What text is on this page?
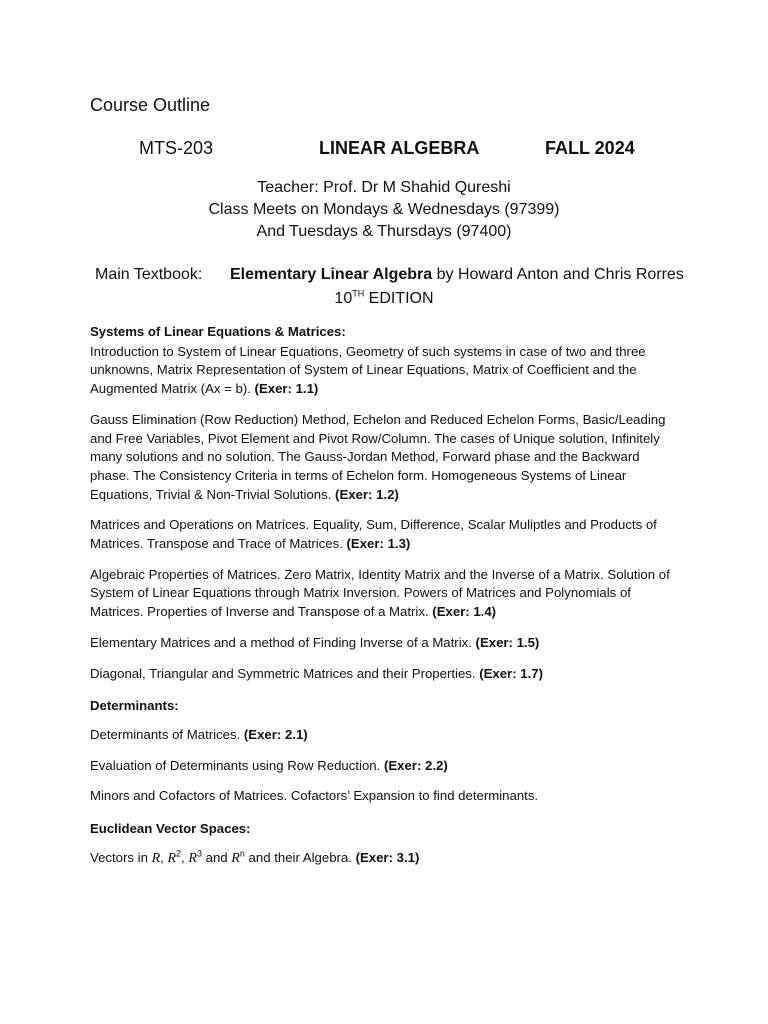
Course Outline
MTS-203	LINEAR ALGEBRA	FALL 2024
Teacher: Prof. Dr M Shahid Qureshi
Class Meets on Mondays & Wednesdays (97399)
And Tuesdays & Thursdays (97400)
Main Textbook: Elementary Linear Algebra by Howard Anton and Chris Rorres
10TH EDITION

Systems of Linear Equations & Matrices:

Introduction to System of Linear Equations, Geometry of such systems in case of two and three unknowns, Matrix Representation of System of Linear Equations, Matrix of Coefficient and the Augmented Matrix (Ax = b). (Exer: 1.1)

Gauss Elimination (Row Reduction) Method, Echelon and Reduced Echelon Forms, Basic/Leading and Free Variables, Pivot Element and Pivot Row/Column. The cases of Unique solution, Infinitely many solutions and no solution. The Gauss-Jordan Method, Forward phase and the Backward phase. The Consistency Criteria in terms of Echelon form. Homogeneous Systems of Linear Equations, Trivial & Non-Trivial Solutions. (Exer: 1.2)

Matrices and Operations on Matrices. Equality, Sum, Difference, Scalar Muliptles and Products of Matrices. Transpose and Trace of Matrices. (Exer: 1.3)

Algebraic Properties of Matrices. Zero Matrix, Identity Matrix and the Inverse of a Matrix. Solution of System of Linear Equations through Matrix Inversion. Powers of Matrices and Polynomials of Matrices. Properties of Inverse and Transpose of a Matrix. (Exer: 1.4)

Elementary Matrices and a method of Finding Inverse of a Matrix. (Exer: 1.5)

Diagonal, Triangular and Symmetric Matrices and their Properties. (Exer: 1.7)

Determinants:

Determinants of Matrices. (Exer: 2.1)

Evaluation of Determinants using Row Reduction. (Exer: 2.2)

Minors and Cofactors of Matrices. Cofactors’ Expansion to find determinants.

Euclidean Vector Spaces:

Vectors in R, $R^2$, $R^3$ and $R^n$ and their Algebra. (Exer: 3.1)
